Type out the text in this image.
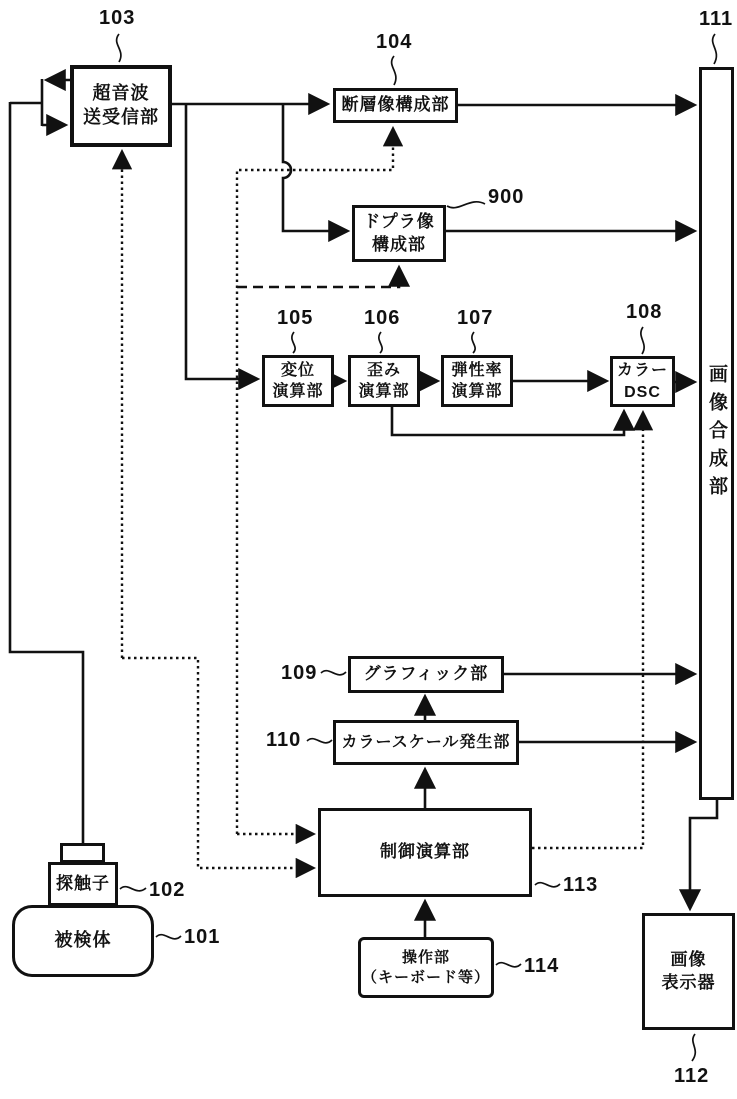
超音波
送受信部
断層像構成部
ドプラ像
構成部
変位
演算部
歪み
演算部
弾性率
演算部
カラー
DSC 画像合成部
グラフィック部
カラースケール発生部
制御演算部
操作部
（キーボード等）
画像
表示器
探触子
被検体
103
104
900
105	106	107	108
111
109
110
113
114
102
101
112
